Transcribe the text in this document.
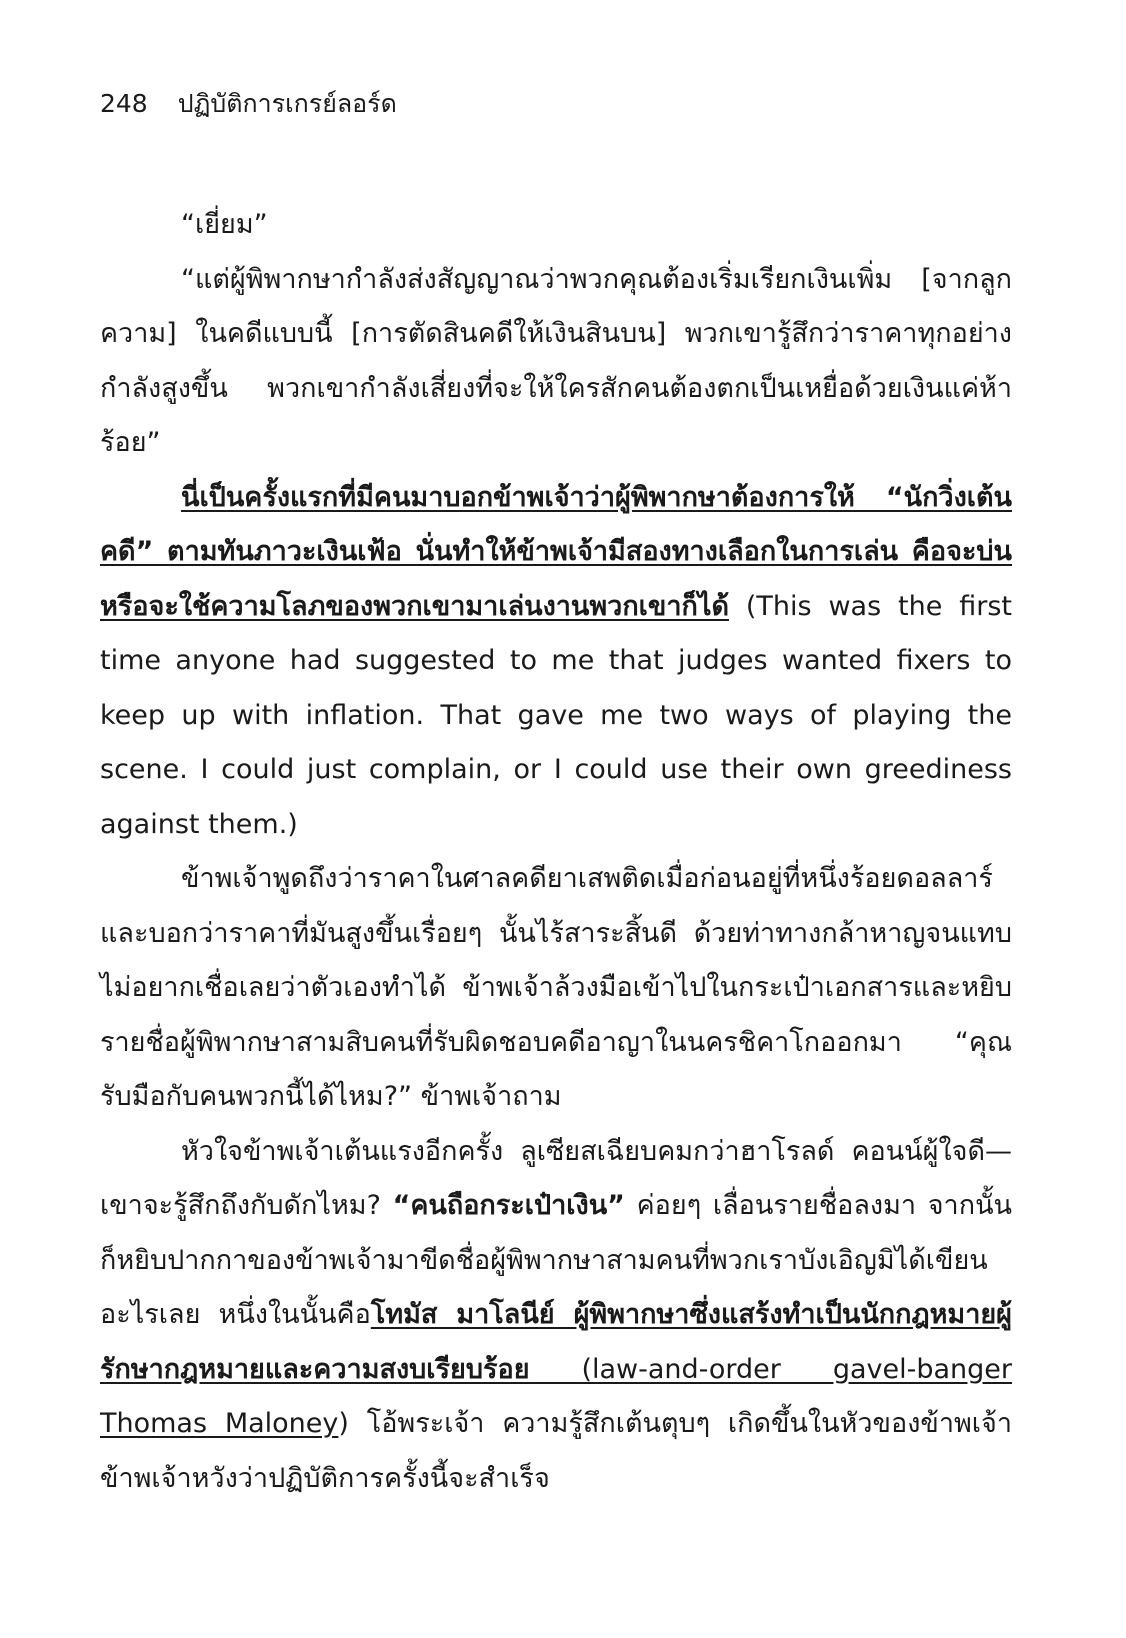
248 ปฏิบัติการเกรย์ลอร์ด

“เยี่ยม”

“แต่ผู้พิพากษากำลังส่งสัญญาณว่าพวกคุณต้องเริ่มเรียกเงินเพิ่ม [จากลูกความ] ในคดีแบบนี้ [การตัดสินคดีให้เงินสินบน] พวกเขารู้สึกว่าราคาทุกอย่างกำลังสูงขึ้น พวกเขากำลังเสี่ยงที่จะให้ใครสักคนต้องตกเป็นเหยื่อด้วยเงินแค่ห้าร้อย”

นี่เป็นครั้งแรกที่มีคนมาบอกข้าพเจ้าว่าผู้พิพากษาต้องการให้ “นักวิ่งเต้นคดี” ตามทันภาวะเงินเฟ้อ นั่นทำให้ข้าพเจ้ามีสองทางเลือกในการเล่น คือจะบ่น หรือจะใช้ความโลภของพวกเขามาเล่นงานพวกเขาก็ได้ (This was the first time anyone had suggested to me that judges wanted fixers to keep up with inflation. That gave me two ways of playing the scene. I could just complain, or I could use their own greediness against them.)

ข้าพเจ้าพูดถึงว่าราคาในศาลคดียาเสพติดเมื่อก่อนอยู่ที่หนึ่งร้อยดอลลาร์ และบอกว่าราคาที่มันสูงขึ้นเรื่อยๆ นั้นไร้สาระสิ้นดี ด้วยท่าทางกล้าหาญจนแทบไม่อยากเชื่อเลยว่าตัวเองทำได้ ข้าพเจ้าล้วงมือเข้าไปในกระเป๋าเอกสารและหยิบรายชื่อผู้พิพากษาสามสิบคนที่รับผิดชอบคดีอาญาในนครชิคาโกออกมา “คุณรับมือกับคนพวกนี้ได้ไหม?” ข้าพเจ้าถาม

หัวใจข้าพเจ้าเต้นแรงอีกครั้ง ลูเซียสเฉียบคมกว่าฮาโรลด์ คอนน์ผู้ใจดี—เขาจะรู้สึกถึงกับดักไหม? “คนถือกระเป๋าเงิน” ค่อยๆ เลื่อนรายชื่อลงมา จากนั้นก็หยิบปากกาของข้าพเจ้ามาขีดชื่อผู้พิพากษาสามคนที่พวกเราบังเอิญมิได้เขียนอะไรเลย หนึ่งในนั้นคือโทมัส มาโลนีย์ ผู้พิพากษาซึ่งแสร้งทำเป็นนักกฎหมายผู้รักษากฎหมายและความสงบเรียบร้อย (law-and-order gavel-banger Thomas Maloney) โอ้พระเจ้า ความรู้สึกเต้นตุบๆ เกิดขึ้นในหัวของข้าพเจ้า ข้าพเจ้าหวังว่าปฏิบัติการครั้งนี้จะสำเร็จ
